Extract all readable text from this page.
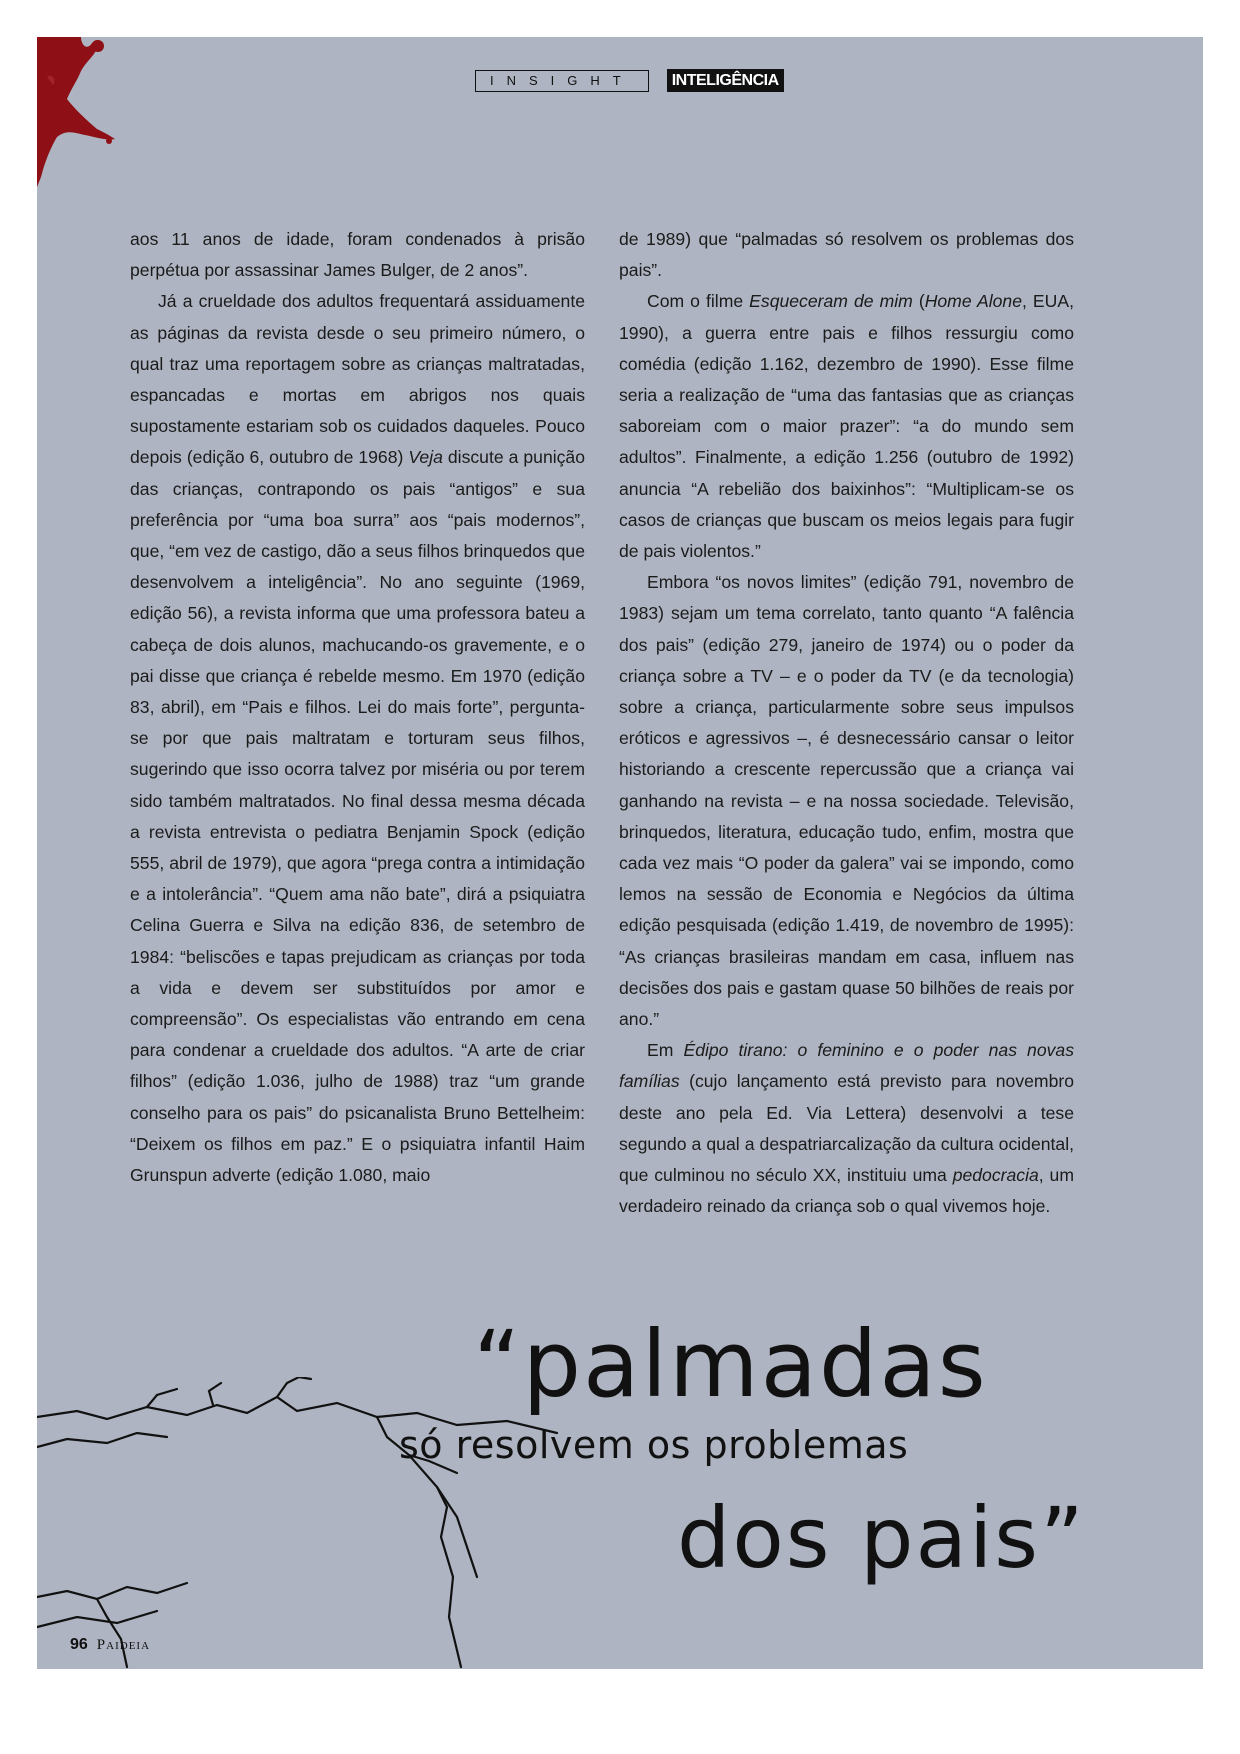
INSIGHT	INTELIGÊNCIA

aos 11 anos de idade, foram condenados à prisão perpétua por assassinar James Bulger, de 2 anos”.

Já a crueldade dos adultos frequentará assiduamente as páginas da revista desde o seu primeiro número, o qual traz uma reportagem sobre as crianças maltratadas, espancadas e mortas em abrigos nos quais supostamente estariam sob os cuidados daqueles. Pouco depois (edição 6, outubro de 1968) Veja discute a punição das crianças, contrapondo os pais “antigos” e sua preferência por “uma boa surra” aos “pais modernos”, que, “em vez de castigo, dão a seus filhos brinquedos que desenvolvem a inteligência”. No ano seguinte (1969, edição 56), a revista informa que uma professora bateu a cabeça de dois alunos, machucando-os gravemente, e o pai disse que criança é rebelde mesmo. Em 1970 (edição 83, abril), em “Pais e filhos. Lei do mais forte”, pergunta-se por que pais maltratam e torturam seus filhos, sugerindo que isso ocorra talvez por miséria ou por terem sido também maltratados. No final dessa mesma década a revista entrevista o pediatra Benjamin Spock (edição 555, abril de 1979), que agora “prega contra a intimidação e a intolerância”. “Quem ama não bate”, dirá a psiquiatra Celina Guerra e Silva na edição 836, de setembro de 1984: “beliscões e tapas prejudicam as crianças por toda a vida e devem ser substituídos por amor e compreensão”. Os especialistas vão entrando em cena para condenar a crueldade dos adultos. “A arte de criar filhos” (edição 1.036, julho de 1988) traz “um grande conselho para os pais” do psicanalista Bruno Bettelheim: “Deixem os filhos em paz.” E o psiquiatra infantil Haim Grunspun adverte (edição 1.080, maio

de 1989) que “palmadas só resolvem os problemas dos pais”.

Com o filme Esqueceram de mim (Home Alone, EUA, 1990), a guerra entre pais e filhos ressurgiu como comédia (edição 1.162, dezembro de 1990). Esse filme seria a realização de “uma das fantasias que as crianças saboreiam com o maior prazer”: “a do mundo sem adultos”. Finalmente, a edição 1.256 (outubro de 1992) anuncia “A rebelião dos baixinhos”: “Multiplicam-se os casos de crianças que buscam os meios legais para fugir de pais violentos.”

Embora “os novos limites” (edição 791, novembro de 1983) sejam um tema correlato, tanto quanto “A falência dos pais” (edição 279, janeiro de 1974) ou o poder da criança sobre a TV – e o poder da TV (e da tecnologia) sobre a criança, particularmente sobre seus impulsos eróticos e agressivos –, é desnecessário cansar o leitor historiando a crescente repercussão que a criança vai ganhando na revista – e na nossa sociedade. Televisão, brinquedos, literatura, educação tudo, enfim, mostra que cada vez mais “O poder da galera” vai se impondo, como lemos na sessão de Economia e Negócios da última edição pesquisada (edição 1.419, de novembro de 1995): “As crianças brasileiras mandam em casa, influem nas decisões dos pais e gastam quase 50 bilhões de reais por ano.”

Em Édipo tirano: o feminino e o poder nas novas famílias (cujo lançamento está previsto para novembro deste ano pela Ed. Via Lettera) desenvolvi a tese segundo a qual a despatriarcalização da cultura ocidental, que culminou no século XX, instituiu uma pedocracia, um verdadeiro reinado da criança sob o qual vivemos hoje.

“palmadas
só resolvem os problemas
dos pais”
96 Paideia
